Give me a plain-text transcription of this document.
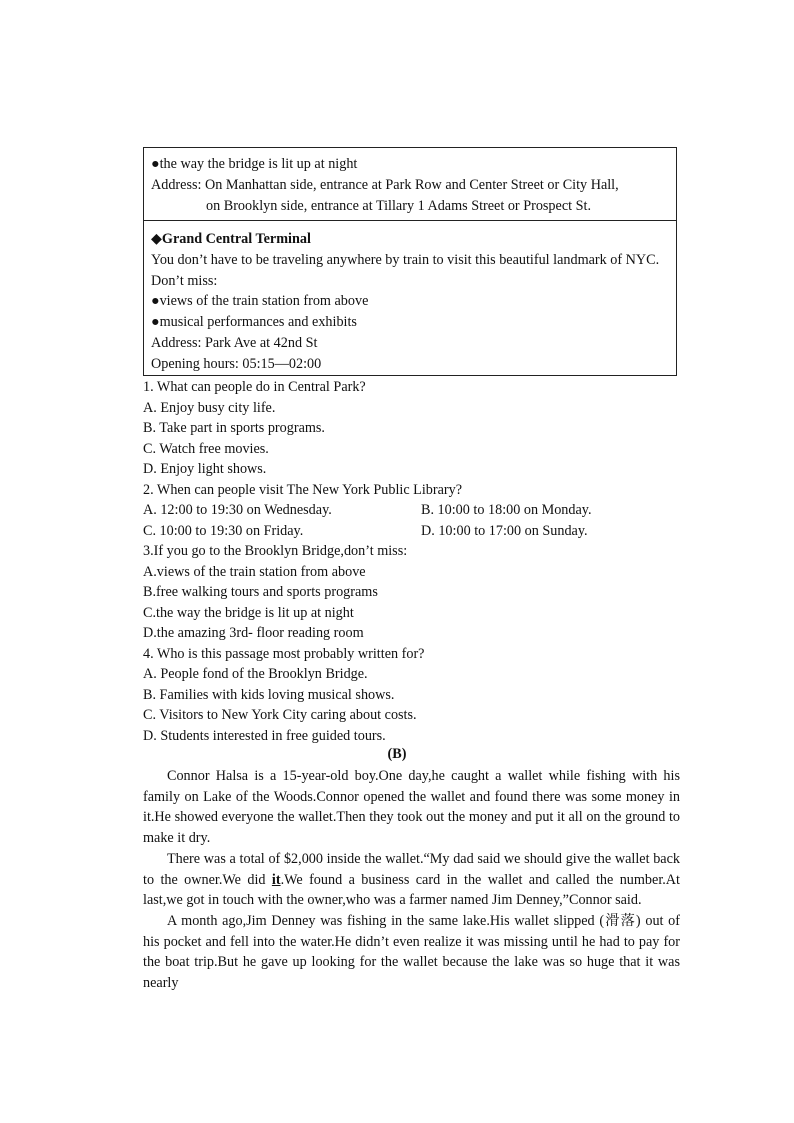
●the way the bridge is lit up at night
Address: On Manhattan side, entrance at Park Row and Center Street or City Hall,
on Brooklyn side, entrance at Tillary 1 Adams Street or Prospect St.
◆Grand Central Terminal
You don’t have to be traveling anywhere by train to visit this beautiful landmark of NYC.
Don’t miss:
●views of the train station from above
●musical performances and exhibits
Address: Park Ave at 42nd St
Opening hours: 05:15—02:00
1. What can people do in Central Park?
A. Enjoy busy city life.
B. Take part in sports programs.
C. Watch free movies.
D. Enjoy light shows.
2. When can people visit The New York Public Library?
A. 12:00 to 19:30 on Wednesday.	B. 10:00 to 18:00 on Monday.
C. 10:00 to 19:30 on Friday.	D. 10:00 to 17:00 on Sunday.
3.If you go to the Brooklyn Bridge,don’t miss:
A.views of the train station from above
B.free walking tours and sports programs
C.the way the bridge is lit up at night
D.the amazing 3rd- floor reading room
4. Who is this passage most probably written for?
A. People fond of the Brooklyn Bridge.
B. Families with kids loving musical shows.
C. Visitors to New York City caring about costs.
D. Students interested in free guided tours.
(B)

Connor Halsa is a 15-year-old boy.One day,he caught a wallet while fishing with his family on Lake of the Woods.Connor opened the wallet and found there was some money in it.He showed everyone the wallet.Then they took out the money and put it all on the ground to make it dry.

There was a total of $2,000 inside the wallet.“My dad said we should give the wallet back to the owner.We did it.We found a business card in the wallet and called the number.At last,we got in touch with the owner,who was a farmer named Jim Denney,”Connor said.

A month ago,Jim Denney was fishing in the same lake.His wallet slipped (滑落) out of his pocket and fell into the water.He didn’t even realize it was missing until he had to pay for the boat trip.But he gave up looking for the wallet because the lake was so huge that it was nearly
